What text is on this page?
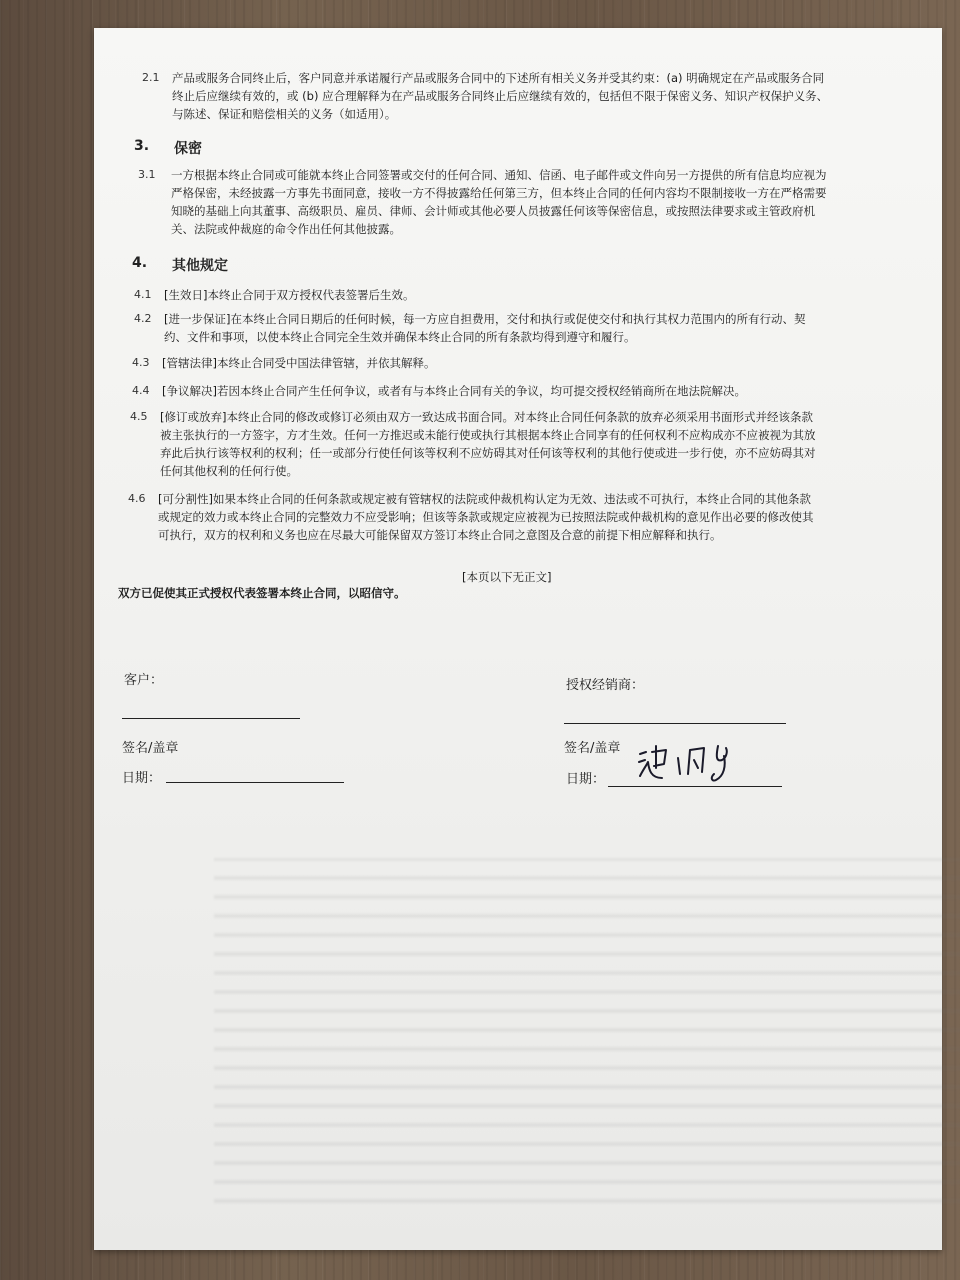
2.1 产品或服务合同终止后，客户同意并承诺履行产品或服务合同中的下述所有相关义务并受其约束：(a) 明确规定在产品或服务合同
终止后应继续有效的，或 (b) 应合理解释为在产品或服务合同终止后应继续有效的，包括但不限于保密义务、知识产权保护义务、
与陈述、保证和赔偿相关的义务（如适用）。
3. 保密
3.1 一方根据本终止合同或可能就本终止合同签署或交付的任何合同、通知、信函、电子邮件或文件向另一方提供的所有信息均应视为
严格保密，未经披露一方事先书面同意，接收一方不得披露给任何第三方，但本终止合同的任何内容均不限制接收一方在严格需要
知晓的基础上向其董事、高级职员、雇员、律师、会计师或其他必要人员披露任何该等保密信息，或按照法律要求或主管政府机
关、法院或仲裁庭的命令作出任何其他披露。
4. 其他规定
4.1 [生效日]本终止合同于双方授权代表签署后生效。
4.2 [进一步保证]在本终止合同日期后的任何时候，每一方应自担费用，交付和执行或促使交付和执行其权力范围内的所有行动、契
约、文件和事项，以使本终止合同完全生效并确保本终止合同的所有条款均得到遵守和履行。
4.3 [管辖法律]本终止合同受中国法律管辖，并依其解释。
4.4 [争议解决]若因本终止合同产生任何争议，或者有与本终止合同有关的争议，均可提交授权经销商所在地法院解决。
4.5 [修订或放弃]本终止合同的修改或修订必须由双方一致达成书面合同。对本终止合同任何条款的放弃必须采用书面形式并经该条款
被主张执行的一方签字，方才生效。任何一方推迟或未能行使或执行其根据本终止合同享有的任何权利不应构成亦不应被视为其放
弃此后执行该等权利的权利；任一或部分行使任何该等权利不应妨碍其对任何该等权利的其他行使或进一步行使，亦不应妨碍其对
任何其他权利的任何行使。
4.6 [可分割性]如果本终止合同的任何条款或规定被有管辖权的法院或仲裁机构认定为无效、违法或不可执行，本终止合同的其他条款
或规定的效力或本终止合同的完整效力不应受影响；但该等条款或规定应被视为已按照法院或仲裁机构的意见作出必要的修改使其
可执行，双方的权利和义务也应在尽最大可能保留双方签订本终止合同之意图及合意的前提下相应解释和执行。
[本页以下无正文]
双方已促使其正式授权代表签署本终止合同，以昭信守。
客户：
签名/盖章
日期：
授权经销商：
签名/盖章
日期：
